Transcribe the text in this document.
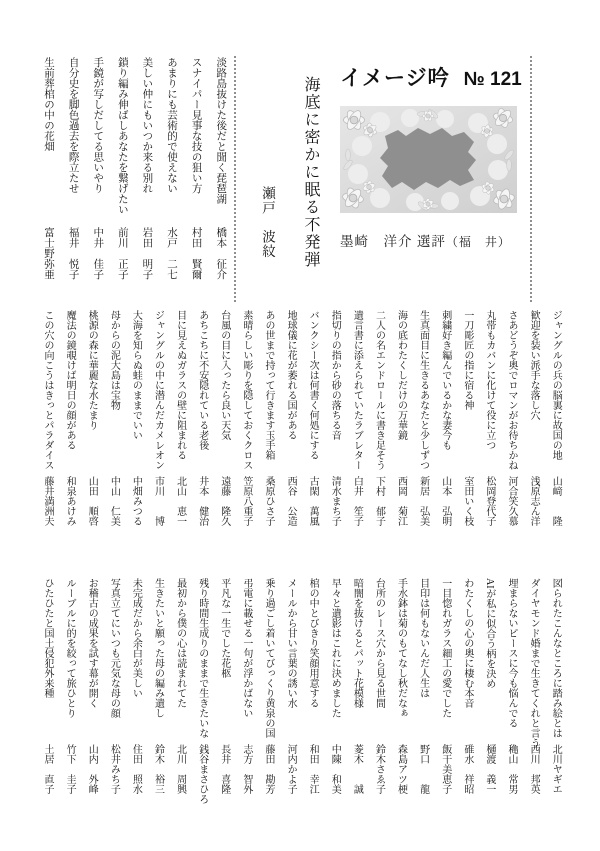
淡路島抜けた後だと聞く琵琶湖
橋本　征介
スナイパー見事な技の狙い方
村田　賢爾
あまりにも芸術的で使えない
水戸　二七
美しい仲にもいつか来る別れ
岩田　明子
鎖り編み伸ばしあなたを繋げたい
前川　正子
手鏡が写しだしてる思いやり
中井　佳子
自分史を脚色過去を際立たせ
福井　悦子
生前葬棺の中の花畑
富士野弥亜	海底に密かに眠る不発弾
瀬戸　波紋
イメージ吟 № 121
墨崎　洋介 選評（福　井）
ジャングルの兵の脳裏に故国の地
山﨑　　隆
歓迎を装い派手な落し穴
浅原志ん洋
さあどうぞ奥でロマンがお待ちかね
河合笑久慕
丸帯もカバンに化けて役に立つ
松岡登代子
一刀彫匠の指に宿る神
室田いく枝
刺繍好き編んでいるかな妻今も
山本　弘明
生真面目に生きるあなたと少しずつ
新居　弘美
海の底わたくしだけの万華鏡
西岡　菊江
二人の名エンドロールに書き足そう
下村　郁子
遺言書に添えられていたラブレター
白井　笙子
指切りの指から砂の落ちる音
清水まち子
バンクシー次は何書く何処にする
古閑　萬風
地球儀に花が萎れる国がある
西谷　公造
あの世まで持って行きます玉手箱
桑原ひさ子
素晴らしい彫りを隠しておくクロス
笠原八重子
台風の目に入ったら良い天気
遠藤　隆久
あちこちに不安隠れている老後
井本　健治
目に見えぬガラスの壁に阻まれる
北山　恵一
ジャングルの中に潜んだカメレオン
市川　　博
大海を知らぬ蛙のままでいい
中畑みつる
母からの泥大島は宝物
中山　仁美
桃源の森に華麗な水たまり
山田　順啓
魔法の鏡覗けば明日の顔がある
和泉あけみ
この穴の向こうはきっとパラダイス
藤井満洲夫
図られたこんなところに踏み絵とは
北川ヤギエ
ダイヤモンド婚まで生きてくれと言う
西川　邦英
埋まらないピースに今も悩んでる
穐山　常男
AIが私に似合う柄を決め
樋渡　義一
わたくしの心の奥に棲む本音
碓水　祥昭
一目惚れガラス細工の愛でした
飯干美恵子
目印は何もないんだ人生は
野口　　龍
手水鉢は菊のもてなし秋だなぁ
森島アツ梗
台所のレース穴から見る世間
鈴木さゑ子
暗闇を抜けるとパット花模様
菱木　　誠
早々と遺影はこれに決めました
中陳　和美
棺の中とびきり笑顔用意する
和田　幸江
メールから甘い言葉の誘い水
河内かよ子
乗り過ごし着いてびっくり黄泉の国
藤田　勘芳
弔電に載せる一句が浮かばない
志方　智外
平凡な一生でした花柩
長井　喜隆
残り時間生成りのままで生きたいな
銭谷まさひろ
最初から僕の心は読まれてた
北川　周興
生きたいと願った母の編み遺し
鈴木　裕三
未完成だから余白が美しい
住田　照水
写真立てにいつも元気な母の顔
松井みち子
お稽古の成果を試す幕が開く
山内　外峰
ルーブルに的を絞って旅ひとり
竹下　圭子
ひたひたと国土侵犯外来種
土居　直子
